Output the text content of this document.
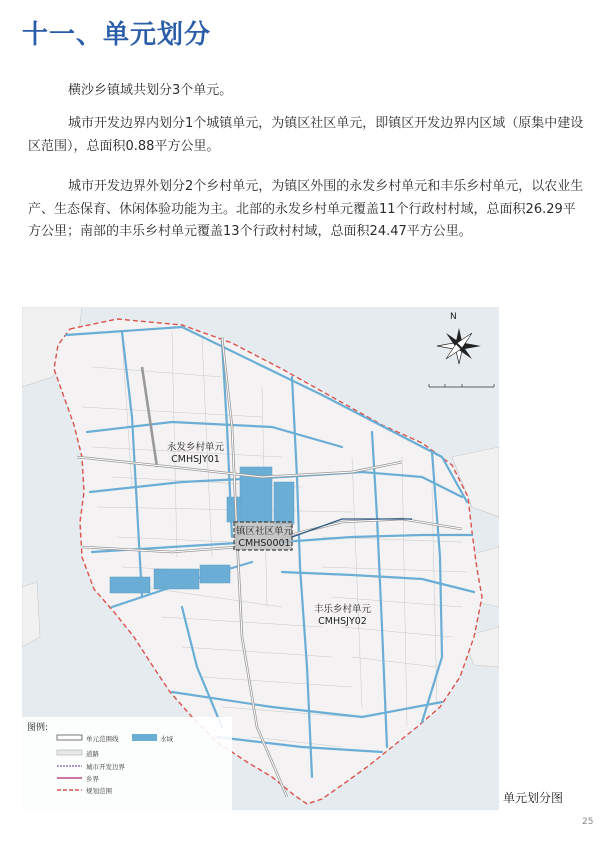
十一、单元划分

横沙乡镇域共划分3个单元。

城市开发边界内划分1个城镇单元，为镇区社区单元，即镇区开发边界内区域（原集中建设区范围），总面积0.88平方公里。

城市开发边界外划分2个乡村单元，为镇区外围的永发乡村单元和丰乐乡村单元，以农业生产、生态保育、休闲体验功能为主。北部的永发乡村单元覆盖11个行政村村域，总面积26.29平方公里；南部的丰乐乡村单元覆盖13个行政村村域，总面积24.47平方公里。

N
永发乡村单元
CMHSJY01
镇区社区单元
CMHS0001
丰乐乡村单元
CMHSJY02
图例:
单元范围线	水域
道路
城市开发边界
乡界
规划范围	单元划分图
25
